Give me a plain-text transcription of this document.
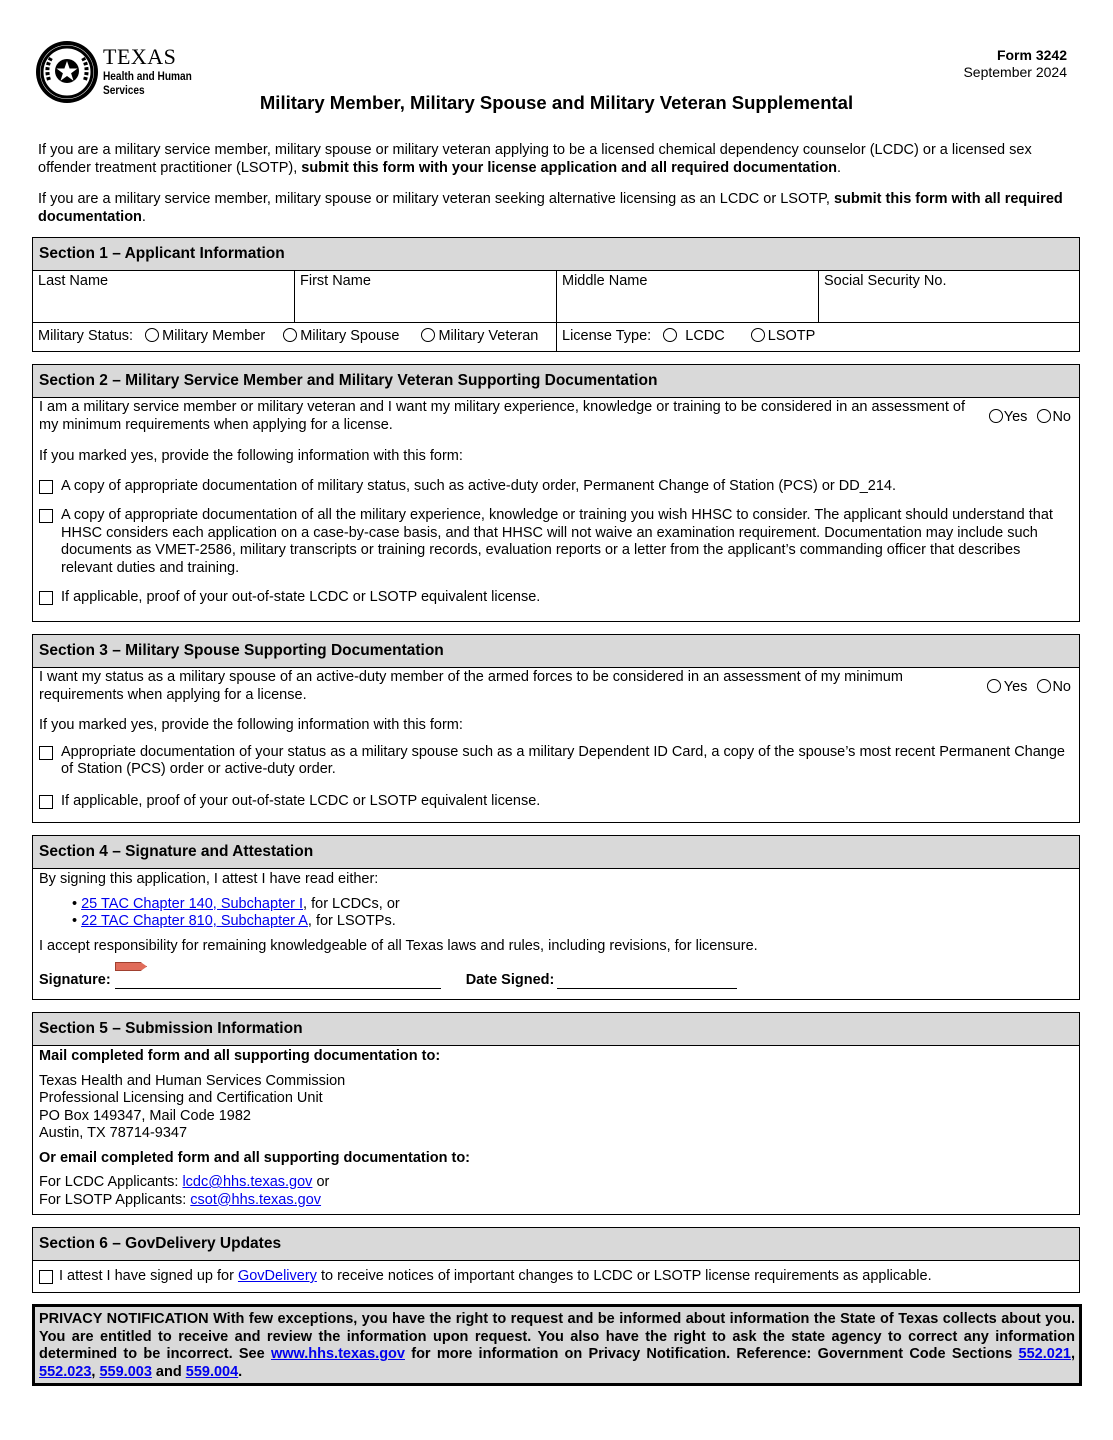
TEXAS
Health and Human
Services
Form 3242
September 2024
Military Member, Military Spouse and Military Veteran Supplemental
If you are a military service member, military spouse or military veteran applying to be a licensed chemical dependency counselor (LCDC) or a licensed sex offender treatment practitioner (LSOTP), submit this form with your license application and all required documentation.
If you are a military service member, military spouse or military veteran seeking alternative licensing as an LCDC or LSOTP, submit this form with all required documentation.
Section 1 – Applicant Information
Last Name	First Name	Middle Name	Social Security No.
Military Status: Military Member Military Spouse	Military Veteran	License Type: LCDC	LSOTP
Section 2 – Military Service Member and Military Veteran Supporting Documentation
I am a military service member or military veteran and I want my military experience, knowledge or training to be considered in an assessment of my minimum requirements when applying for a license.	Yes No
If you marked yes, provide the following information with this form:
A copy of appropriate documentation of military status, such as active-duty order, Permanent Change of Station (PCS) or DD_214.
A copy of appropriate documentation of all the military experience, knowledge or training you wish HHSC to consider. The applicant should understand that HHSC considers each application on a case-by-case basis, and that HHSC will not waive an examination requirement. Documentation may include such documents as VMET-2586, military transcripts or training records, evaluation reports or a letter from the applicant’s commanding officer that describes relevant duties and training.
If applicable, proof of your out-of-state LCDC or LSOTP equivalent license.
Section 3 – Military Spouse Supporting Documentation
I want my status as a military spouse of an active-duty member of the armed forces to be considered in an assessment of my minimum requirements when applying for a license.	Yes No
If you marked yes, provide the following information with this form:
Appropriate documentation of your status as a military spouse such as a military Dependent ID Card, a copy of the spouse’s most recent Permanent Change of Station (PCS) order or active-duty order.
If applicable, proof of your out-of-state LCDC or LSOTP equivalent license.
Section 4 – Signature and Attestation
By signing this application, I attest I have read either:
• 25 TAC Chapter 140, Subchapter I, for LCDCs, or
• 22 TAC Chapter 810, Subchapter A, for LSOTPs.
I accept responsibility for remaining knowledgeable of all Texas laws and rules, including revisions, for licensure.
Signature:	Date Signed:
Section 5 – Submission Information
Mail completed form and all supporting documentation to:
Texas Health and Human Services Commission
Professional Licensing and Certification Unit
PO Box 149347, Mail Code 1982
Austin, TX 78714-9347
Or email completed form and all supporting documentation to:
For LCDC Applicants: lcdc@hhs.texas.gov or
For LSOTP Applicants: csot@hhs.texas.gov
Section 6 – GovDelivery Updates
I attest I have signed up for GovDelivery to receive notices of important changes to LCDC or LSOTP license requirements as applicable.
PRIVACY NOTIFICATION With few exceptions, you have the right to request and be informed about information the State of Texas collects about you. You are entitled to receive and review the information upon request. You also have the right to ask the state agency to correct any information determined to be incorrect. See www.hhs.texas.gov for more information on Privacy Notification. Reference: Government Code Sections 552.021, 552.023, 559.003 and 559.004.
